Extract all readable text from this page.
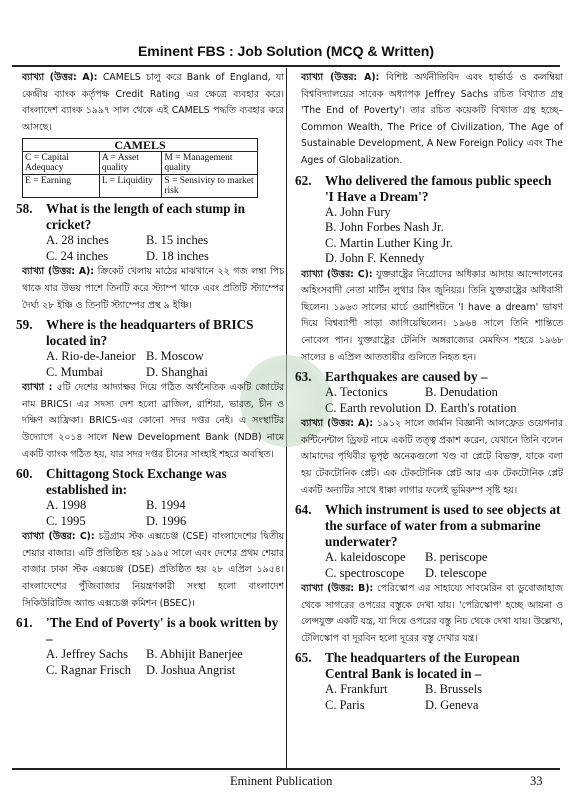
Eminent FBS : Job Solution (MCQ & Written)

ব্যাখ্যা (উত্তর: A): CAMELS চালু করে Bank of England, যা কেন্দ্রীয় ব্যাংক কর্তৃপক্ষ Credit Rating এর ক্ষেত্রে ব্যবহার করে। বাংলাদেশ ব্যাংক ১৯৯৭ সাল থেকে এই CAMELS পদ্ধতি ব্যবহার করে আসছে।

CAMELS		
C = Capital Adequacy	A = Asset quality	M = Management quality
E = Earning	L = Liquidity	S = Sensivity to market risk
58. What is the length of each stump in cricket?
A. 28 inches	B. 15 inches
C. 24 inches	D. 18 inches

ব্যাখ্যা (উত্তর: A): ক্রিকেট খেলায় মাঠের মাঝখানে ২২ গজ লম্বা পিচ থাকে যার উভয় পাশে তিনটি করে স্ট্যাম্প থাকে এবং প্রতিটি স্ট্যাম্পের দৈর্ঘ্য ২৮ ইঞ্চি ও তিনটি স্ট্যাম্পের প্রস্থ ৯ ইঞ্চি।

59. Where is the headquarters of BRICS located in?
A. Rio-de-Janeior B. Moscow
C. Mumbai	D. Shanghai

ব্যাখ্যা : ৫টি দেশের আদ্যাক্ষর দিয়ে গঠিত অর্থনৈতিক একটি জোটের নাম BRICS। এর সদস্য দেশ হলো ব্রাজিল, রাশিয়া, ভারত, চীন ও দক্ষিণ আফ্রিকা। BRICS-এর কোনো সদর দপ্তর নেই। এ সংস্থাটির উদ্যোগে ২০১৪ সালে New Development Bank (NDB) নামে একটি ব্যাংক গঠিত হয়, যার সদর দপ্তর চীনের সাংহাই শহরে অবস্থিত।

60. Chittagong Stock Exchange was established in:
A. 1998	B. 1994
C. 1995	D. 1996

ব্যাখ্যা (উত্তর: C): চট্টগ্রাম স্টক এক্সচেঞ্জ (CSE) বাংলাদেশের দ্বিতীয় শেয়ার বাজার। এটি প্রতিষ্ঠিত হয় ১৯৯৫ সালে এবং দেশের প্রথম শেয়ার বাজার ঢাকা স্টক এক্সচেঞ্জ (DSE) প্রতিষ্ঠিত হয় ২৮ এপ্রিল ১৯৫৪। বাংলাদেশের পুঁজিবাজার নিয়ন্ত্রণকারী সংস্থা হলো বাংলাদেশ সিকিউরিটিজ অ্যান্ড এক্সচেঞ্জ কমিশন (BSEC)।

61. 'The End of Poverty' is a book written by –
A. Jeffrey Sachs	B. Abhijit Banerjee
C. Ragnar Frisch	D. Joshua Angrist

ব্যাখ্যা (উত্তর: A): বিশিষ্ট অর্থনীতিবিদ এবং হার্ভার্ড ও কলম্বিয়া বিশ্ববিদ্যালয়ের সাবেক অধ্যাপক Jeffrey Sachs রচিত বিখ্যাত গ্রন্থ 'The End of Poverty'। তার রচিত কয়েকটি বিখ্যাত গ্রন্থ হচ্ছে– Common Wealth, The Price of Civilization, The Age of Sustainable Development, A New Foreign Policy এবং The Ages of Globalization.

62. Who delivered the famous public speech 'I Have a Dream'?
A. John Fury
B. John Forbes Nash Jr.
C. Martin Luther King Jr.
D. John F. Kennedy

ব্যাখ্যা (উত্তর: C): যুক্তরাষ্ট্রের নিগ্রোদের অধিকার আদায় আন্দোলনের অহিংসবাদী নেতা মার্টিন লুথার কিং জুনিয়র। তিনি যুক্তরাষ্ট্রের অধিবাসী ছিলেন। ১৯৬৩ সালের মার্চে ওয়াশিংটনে 'I have a dream' ভাষণ দিয়ে বিশ্বব্যাপী সাড়া জাগিয়েছিলেন। ১৯৬৪ সালে তিনি শান্তিতে নোবেল পান। যুক্তরাষ্ট্রের টেনিসি অঙ্গরাজ্যের মেমফিস শহরে ১৯৬৮ সালের ৪ এপ্রিল আততায়ীর গুলিতে নিহত হন।

63. Earthquakes are caused by –
A. Tectonics	B. Denudation
C. Earth revolution D. Earth's rotation

ব্যাখ্যা (উত্তর: A): ১৯১২ সালে জার্মান বিজ্ঞানী আলফ্রেড ওয়েগনার কন্টিনেন্টাল ড্রিফট নামে একটি তত্ত্ব প্রকাশ করেন, যেখানে তিনি বলেন আমাদের পৃথিবীর ভূপৃষ্ঠ অনেকগুলো খণ্ড বা প্লেটে বিভক্ত, যাকে বলা হয় টেকটোনিক প্লেট। এক টেকটোনিক প্লেট আর এক টেকটোনিক প্লেট একটি অন্যটির সাথে ধাক্কা লাগার ফলেই ভূমিকম্প সৃষ্টি হয়।

64. Which instrument is used to see objects at the surface of water from a submarine underwater?
A. kaleidoscope	B. periscope
C. spectroscope	D. telescope

ব্যাখ্যা (উত্তর: B): পেরিস্কোপ এর সাহায্যে সাবমেরিন বা ডুবোজাহাজ থেকে সাগরের ওপরের বস্তুকে দেখা যায়। 'পেরিস্কোপ' হচ্ছে আয়না ও লেন্সযুক্ত একটি যন্ত্র, যা দিয়ে ওপরের বস্তু নিচ থেকে দেখা যায়। উল্লেখ্য, টেলিস্কোপ বা দূরবিন হলো দূরের বস্তু দেখার যন্ত্র।

65. The headquarters of the European Central Bank is located in –
A. Frankfurt	B. Brussels
C. Paris	D. Geneva
Eminent Publication	33
